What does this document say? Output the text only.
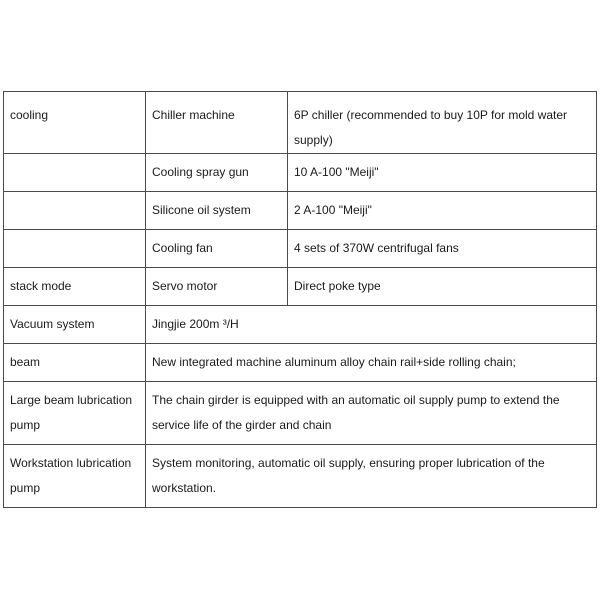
cooling	Chiller machine	6P chiller (recommended to buy 10P for mold water supply)
	Cooling spray gun	10 A-100 "Meiji"
	Silicone oil system	2 A-100 "Meiji"
	Cooling fan	4 sets of 370W centrifugal fans
stack mode	Servo motor	Direct poke type
Vacuum system	Jingjie 200m ³/H	
beam	New integrated machine aluminum alloy chain rail+side rolling chain;	
Large beam lubrication pump	The chain girder is equipped with an automatic oil supply pump to extend the service life of the girder and chain	
Workstation lubrication pump	System monitoring, automatic oil supply, ensuring proper lubrication of the workstation.	
